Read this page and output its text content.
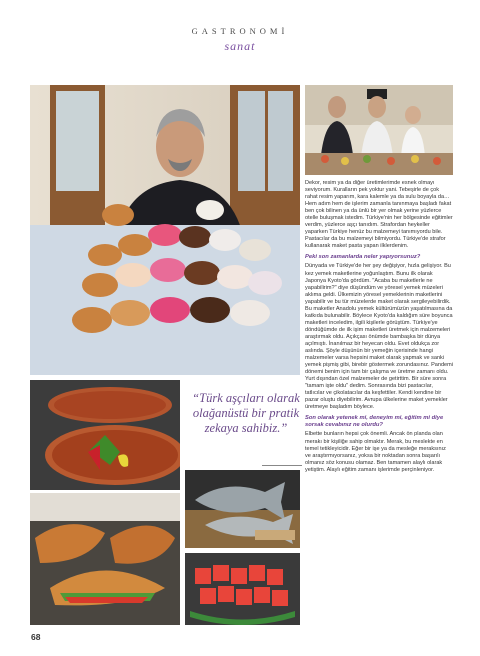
GASTRONOMİ
sanat
“Türk aşçıları olarak olağanüstü bir pratik zekaya sahibiz.”

Dekor, resim ya da diğer üretimlerimde esnek olmayı seviyorum. Kuralların pek yoktur yani. Tebeşirle de çok rahat resim yaparım, kara kalemle ya da sulu boyayla da… Hem adım hem de işlerim zamanla tanınmaya başladı fakat ben çok bilinen ya da ünlü bir yer olmak yerine yüzlerce otelle buluşmak istedim. Türkiye'nin her bölgesinde eğitimler verdim, yüzlerce aşçı tanıdım. Strafordan heykeller yaparken Türkiye henüz bu malzemeyi tanımıyordu bile. Pastacılar da bu malzemeyi bilmiyordu. Türkiye'de strafor kullanarak maket pasta yapan ilklerdenim.

Peki son zamanlarda neler yapıyorsunuz?

Dünyada ve Türkiye'de her şey değişiyor, hızla gelişiyor. Bu kez yemek maketlerine yoğunlaştım. Bunu ilk olarak Japonya Kyoto'da gördüm. "Acaba bu maketlerle ne yapabilirim?" diye düşündüm ve yöresel yemek müzeleri aklıma geldi. Ülkemizin yöresel yemeklerinin maketlerini yapabilir ve bu tür müzelerde maket olarak sergileyebilirdik. Bu maketler Anadolu yemek kültürümüzün yaşatılmasına da katkıda bulunabilir. Böylece Kyoto'da kaldığım süre boyunca maketleri inceledim, ilgili kişilerle görüştüm. Türkiye'ye döndüğümde de ilk işim maketleri üretmek için malzemeleri araştırmak oldu. Açıkçası önümde bambaşka bir dünya açılmıştı. İnanılmaz bir heyecan oldu. Evet oldukça zor aslında. Şöyle düşünün bir yemeğin içerisinde hangi malzemeler varsa hepsini maket olarak yapmak ve sanki yemek pişmiş gibi, birebir göstermek zorundasınız. Pandemi dönemi benim için tam bir çalışma ve üretme zamanı oldu. Yurt dışından özel malzemeler de getirttim. Bir süre sonra "tamam işte oldu" dedim. Sonrasında bizi pastacılar, tatlıcılar ve çikolatacılar da keşfettiler. Kendi kendine bir pazar oluştu diyebilirim. Avrupa ülkelerine maket yemekler üretmeye başladım böylece.

Son olarak yetenek mi, deneyim mi, eğitim mi diye sorsak cevabınız ne olurdu?

Elbette bunların hepsi çok önemli. Ancak ön planda olan merakı bir kişiliğe sahip olmaktır. Merak, bu meslekte en temel tetikleyicidir. Eğer bir işe ya da mesleğe meraksınız ve araştırmıyorsanız, yoksa bir noktadan sonra başarılı olmanız söz konusu olamaz. Ben tamamen alaylı olarak yetiştim. Alaylı eğitim zamanı işlerimde perçinleniyor.

68
